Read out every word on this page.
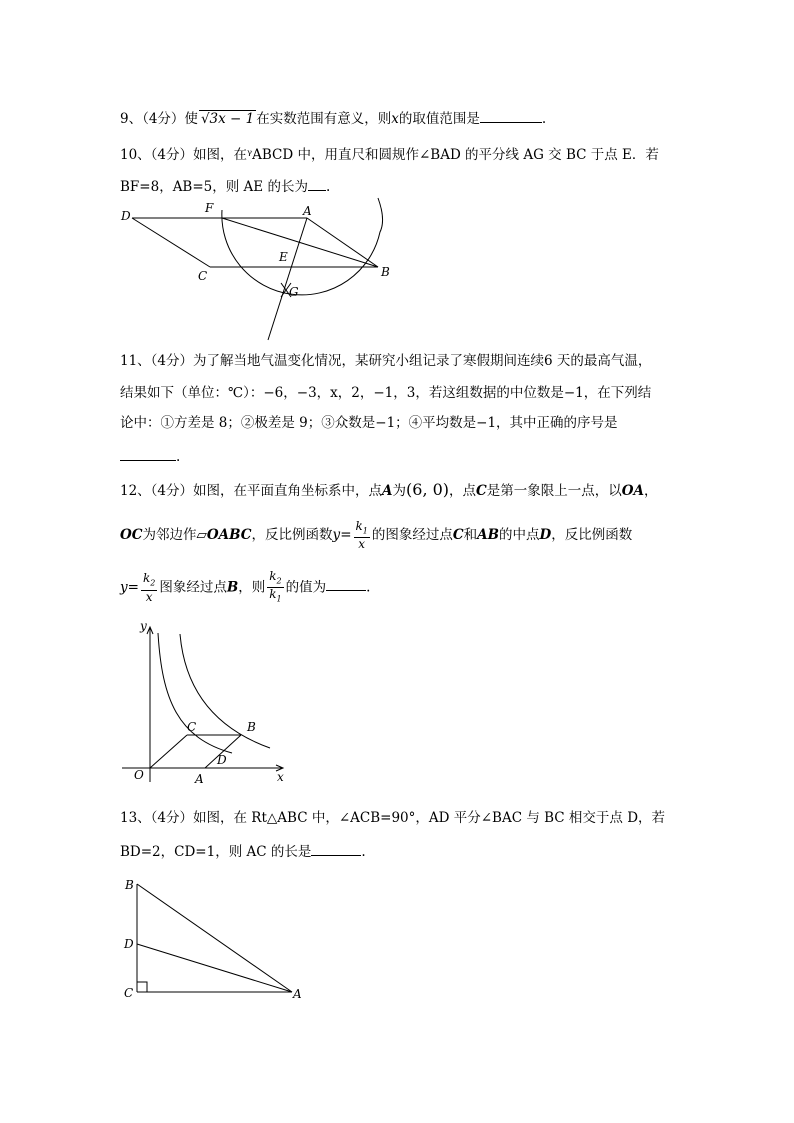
9、（4分）使 √3x − 1 在实数范围有意义，则x的取值范围是	.
10、（4分）如图，在ᵞABCD 中，用直尺和圆规作∠BAD 的平分线 AG 交 BC 于点 E．若
BF=8，AB=5，则 AE 的长为 .
D
F	A
E
C	B
G
y
x
O	A
C	B
D
B
D
C	A
11、（4分）为了解当地气温变化情况，某研究小组记录了寒假期间连续6 天的最高气温，
结果如下（单位：℃）：−6，−3，x，2，−1，3，若这组数据的中位数是−1，在下列结
论中：①方差是 8；②极差是 9；③众数是−1；④平均数是−1，其中正确的序号是
.
12、（4分）如图，在平面直角坐标系中，点A为(6, 0)，点C是第一象限上一点，以OA，
OC为邻边作▱OABC，反比例函数$y= \frac{k_1}{x}$ 的图象经过点C和AB的中点D，反比例函数
$y= \frac{k_2}{x}$ 图象经过点B，则 $\frac{k_2}{k_1}$ 的值为	.
13、（4分）如图，在 Rt△ABC 中，∠ACB=90°，AD 平分∠BAC 与 BC 相交于点 D，若
BD=2，CD=1，则 AC 的长是	.
